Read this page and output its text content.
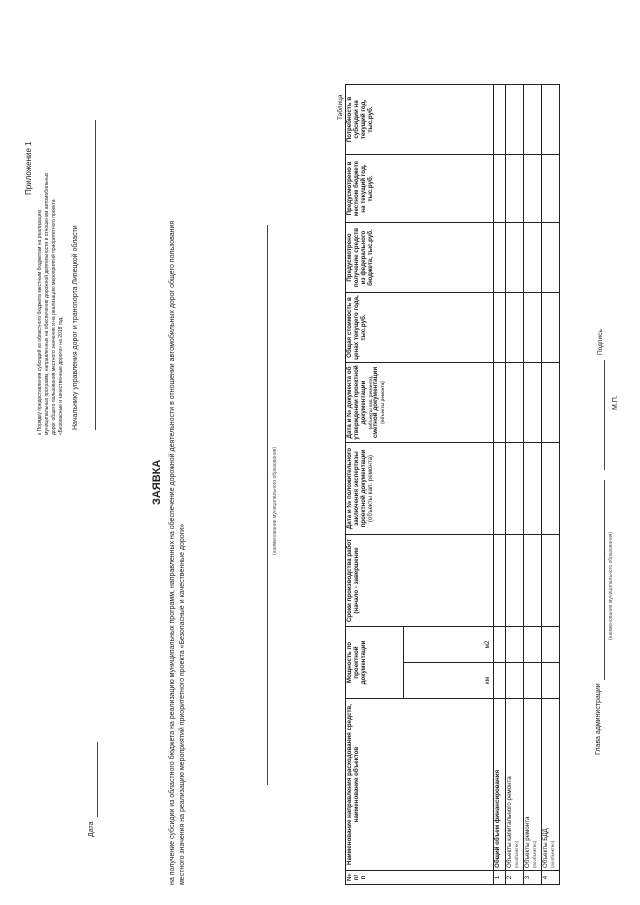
Приложение 1
к Порядку предоставления субсидий из областного бюджета местным бюджетам на реализацию муниципальных программ, направленных на обеспечение дорожной деятельности в отношении автомобильных дорог общего пользования местного значения и на реализацию мероприятий приоритетного проекта «Безопасные и качественные дороги» на 2018 год. Начальнику управления дорог и транспорта Липецкой области
Дата
ЗАЯВКА на получение субсидии из областного бюджета на реализацию муниципальных программ, направленных на обеспечение дорожной деятельности в отношении автомобильных дорог общего пользования местного значения на реализацию мероприятий приоритетного проекта «Безопасные и качественные дороги»
(наименование муниципального образования)
Таблица
№ п/п	Наименование направления расходования средств, наименование объектов	Мощность по проектной документации		Сроки производства работ (начало - завершение	Дата и № положительного заключения экспертизы проектной документации (объекты кап. ремонта)	Дата и № документа об утверждении проектной документации (объекты кап. ремонта), сметной документации (объекты ремонта)	Общая стоимость в ценах текущего года, тыс.руб.	Предусмотрено получение средств из федерального бюджета, тыс.руб.	Предусмотрено в местном бюджете на текущий год, тыс.руб.	Потребность в субсидии на текущий год, тыс.руб.
		км	м2							
1	Общий объем финансирования									
2	Объекты капитального ремонта (пообъектно)									

3	Объекты ремонта (пообъектно)									

4	Объекты БДД (пообъектно)									

Глава администрации
(наименование муниципального образования)
Подпись
М.П.
